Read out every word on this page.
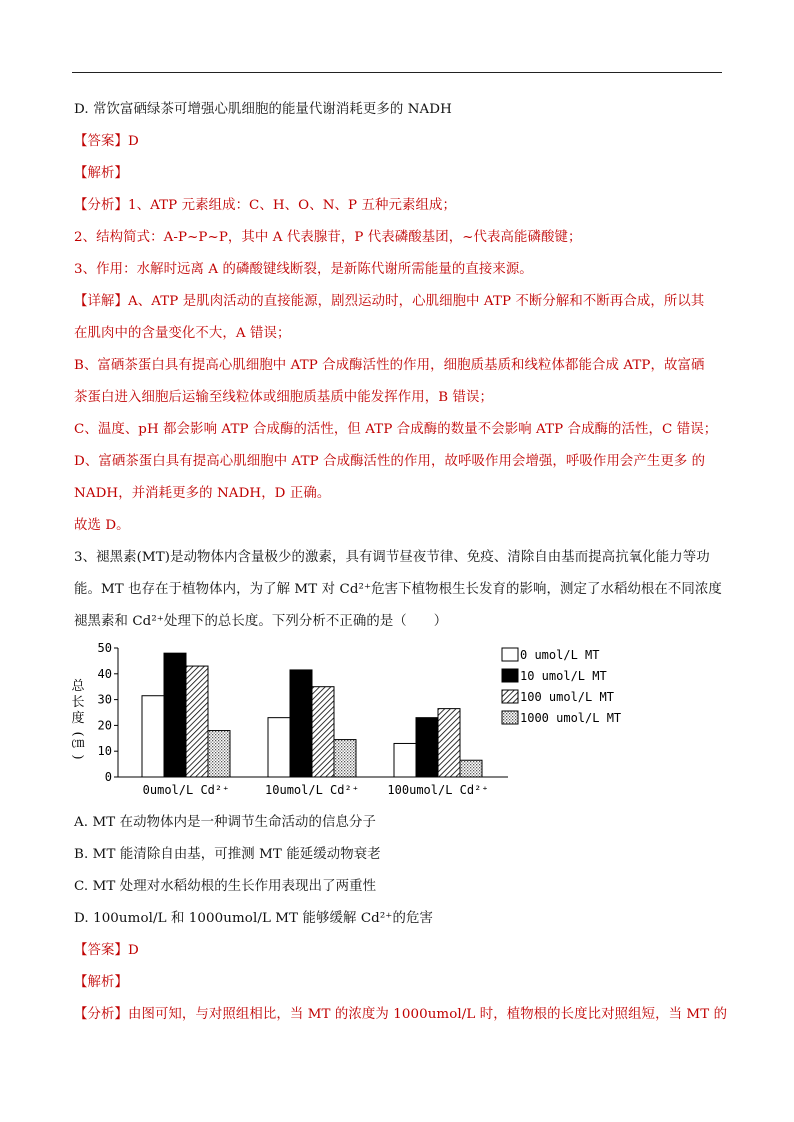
D. 常饮富硒绿茶可增强心肌细胞的能量代谢消耗更多的 NADH
【答案】D
【解析】
【分析】1、ATP 元素组成：C、H、O、N、P 五种元素组成；
2、结构简式：A-P~P~P，其中 A 代表腺苷，P 代表磷酸基团，~代表高能磷酸键；
3、作用：水解时远离 A 的磷酸键线断裂，是新陈代谢所需能量的直接来源。
【详解】A、ATP 是肌肉活动的直接能源，剧烈运动时，心肌细胞中 ATP 不断分解和不断再合成，所以其
在肌肉中的含量变化不大，A 错误；
B、富硒茶蛋白具有提高心肌细胞中 ATP 合成酶活性的作用，细胞质基质和线粒体都能合成 ATP，故富硒
茶蛋白进入细胞后运输至线粒体或细胞质基质中能发挥作用，B 错误；
C、温度、pH 都会影响 ATP 合成酶的活性，但 ATP 合成酶的数量不会影响 ATP 合成酶的活性，C 错误；
D、富硒茶蛋白具有提高心肌细胞中 ATP 合成酶活性的作用，故呼吸作用会增强，呼吸作用会产生更多 的
NADH，并消耗更多的 NADH，D 正确。
故选 D。
3、褪黑素(MT)是动物体内含量极少的激素，具有调节昼夜节律、免疫、清除自由基而提高抗氧化能力等功
能。MT 也存在于植物体内，为了解 MT 对 Cd²⁺危害下植物根生长发育的影响，测定了水稻幼根在不同浓度
褪黑素和 Cd²⁺处理下的总长度。下列分析不正确的是（　　）
A. MT 在动物体内是一种调节生命活动的信息分子
B. MT 能清除自由基，可推测 MT 能延缓动物衰老
C. MT 处理对水稻幼根的生长作用表现出了两重性
D. 100umol/L 和 1000umol/L MT 能够缓解 Cd²⁺的危害
【答案】D
【解析】
【分析】由图可知，与对照组相比，当 MT 的浓度为 1000umol/L 时，植物根的长度比对照组短，当 MT 的
0
10
20
30
40
50
总
长
度
(
㎝
)
0umol/L Cd²⁺	10umol/L Cd²⁺ 100umol/L Cd²⁺
0 umol/L MT
10 umol/L MT
100 umol/L MT
1000 umol/L MT
